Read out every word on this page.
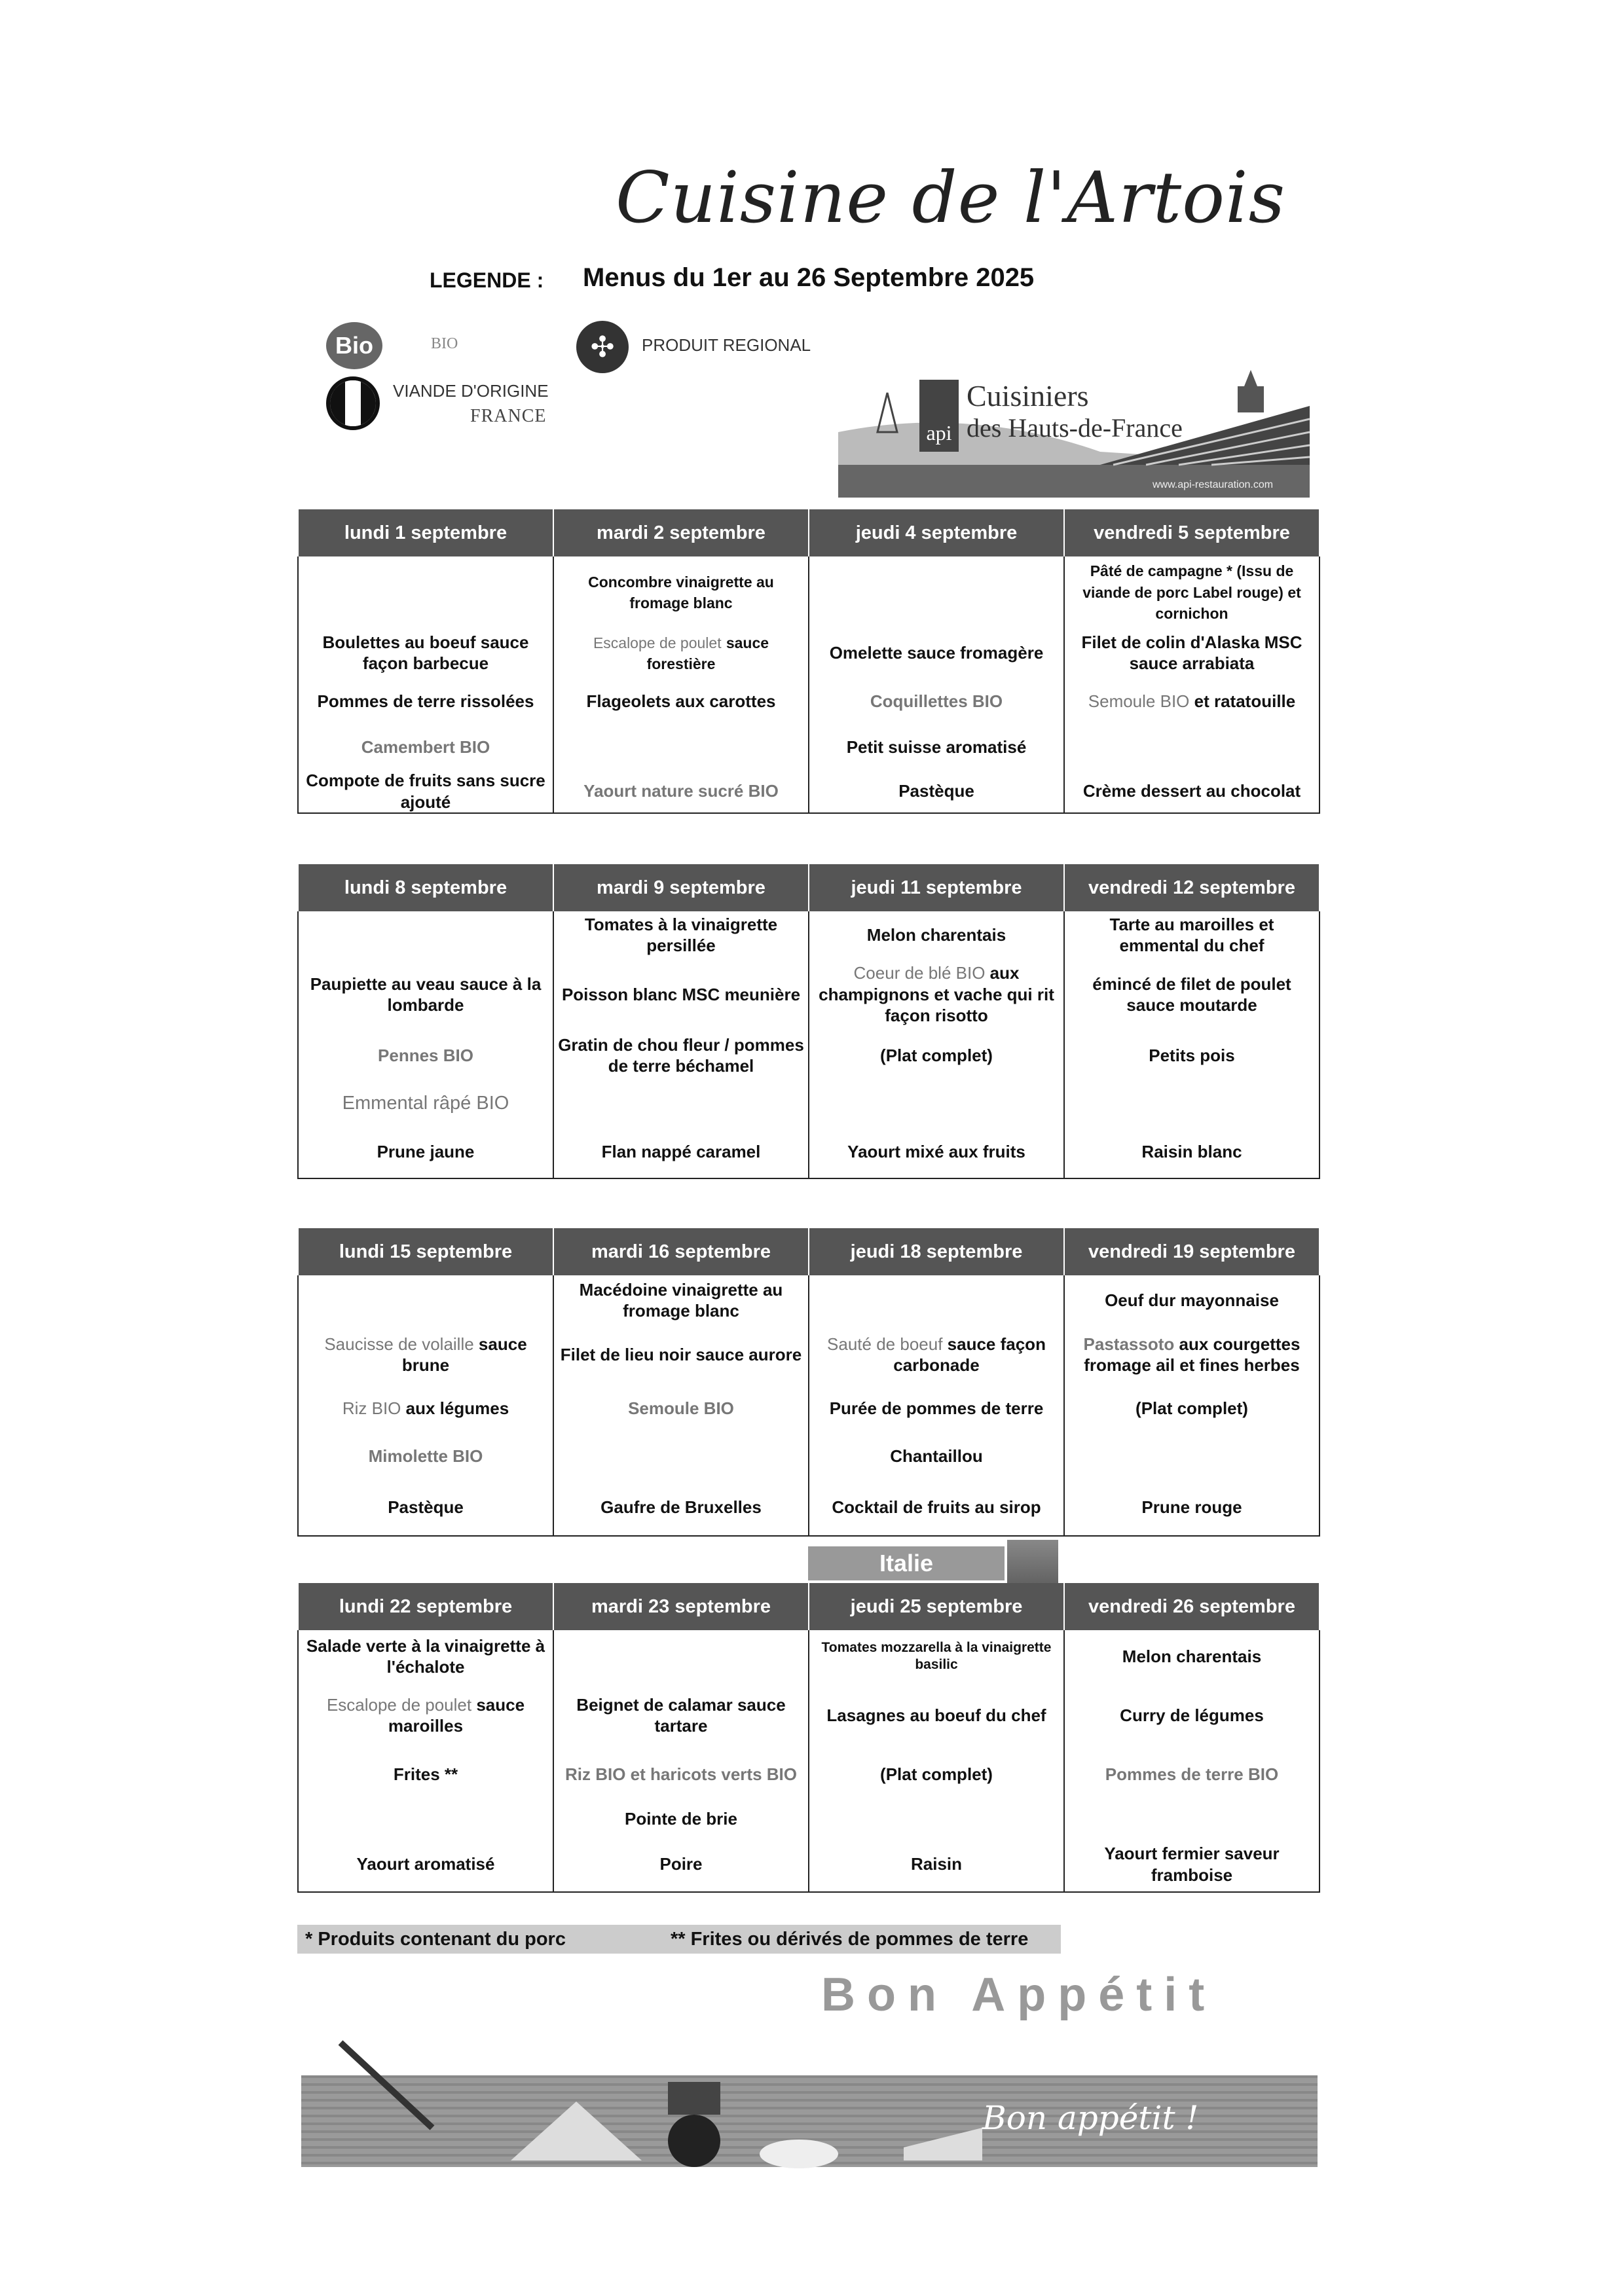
Cuisine de l'Artois
LEGENDE : Menus du 1er au 26 Septembre 2025
Bio	BIO	✣	PRODUIT REGIONAL
VIANDE D'ORIGINE
FRANCE
api
Cuisiniers
des Hauts-de-France
www.api-restauration.com
lundi 1 septembre	mardi 2 septembre	jeudi 4 septembre	vendredi 5 septembre
	Concombre vinaigrette au fromage blanc		Pâté de campagne * (Issu de viande de porc Label rouge) et cornichon
Boulettes au boeuf sauce façon barbecue	Escalope de poulet sauce forestière	Omelette sauce fromagère	Filet de colin d'Alaska MSC sauce arrabiata
Pommes de terre rissolées	Flageolets aux carottes	Coquillettes BIO	Semoule BIO et ratatouille
Camembert BIO		Petit suisse aromatisé	
Compote de fruits sans sucre ajouté	Yaourt nature sucré BIO	Pastèque	Crème dessert au chocolat
lundi 8 septembre	mardi 9 septembre	jeudi 11 septembre	vendredi 12 septembre
	Tomates à la vinaigrette persillée	Melon charentais	Tarte au maroilles et emmental du chef
Paupiette au veau sauce à la lombarde	Poisson blanc MSC meunière	Coeur de blé BIO aux champignons et vache qui rit façon risotto	émincé de filet de poulet sauce moutarde
Pennes BIO	Gratin de chou fleur / pommes de terre béchamel	(Plat complet)	Petits pois
Emmental râpé BIO			
Prune jaune	Flan nappé caramel	Yaourt mixé aux fruits	Raisin blanc
lundi 15 septembre	mardi 16 septembre	jeudi 18 septembre	vendredi 19 septembre
	Macédoine vinaigrette au fromage blanc		Oeuf dur mayonnaise
Saucisse de volaille sauce brune	Filet de lieu noir sauce aurore	Sauté de boeuf sauce façon carbonade	Pastassoto aux courgettes fromage ail et fines herbes
Riz BIO aux légumes	Semoule BIO	Purée de pommes de terre	(Plat complet)
Mimolette BIO		Chantaillou	
Pastèque	Gaufre de Bruxelles	Cocktail de fruits au sirop	Prune rouge
Italie
lundi 22 septembre	mardi 23 septembre	jeudi 25 septembre	vendredi 26 septembre
Salade verte à la vinaigrette à l'échalote		Tomates mozzarella à la vinaigrette basilic	Melon charentais
Escalope de poulet sauce maroilles	Beignet de calamar sauce tartare	Lasagnes au boeuf du chef	Curry de légumes
Frites **	Riz BIO et haricots verts BIO	(Plat complet)	Pommes de terre BIO
	Pointe de brie		
Yaourt aromatisé	Poire	Raisin	Yaourt fermier saveur framboise
* Produits contenant du porc	** Frites ou dérivés de pommes de terre
Bon Appétit
Bon appétit !
